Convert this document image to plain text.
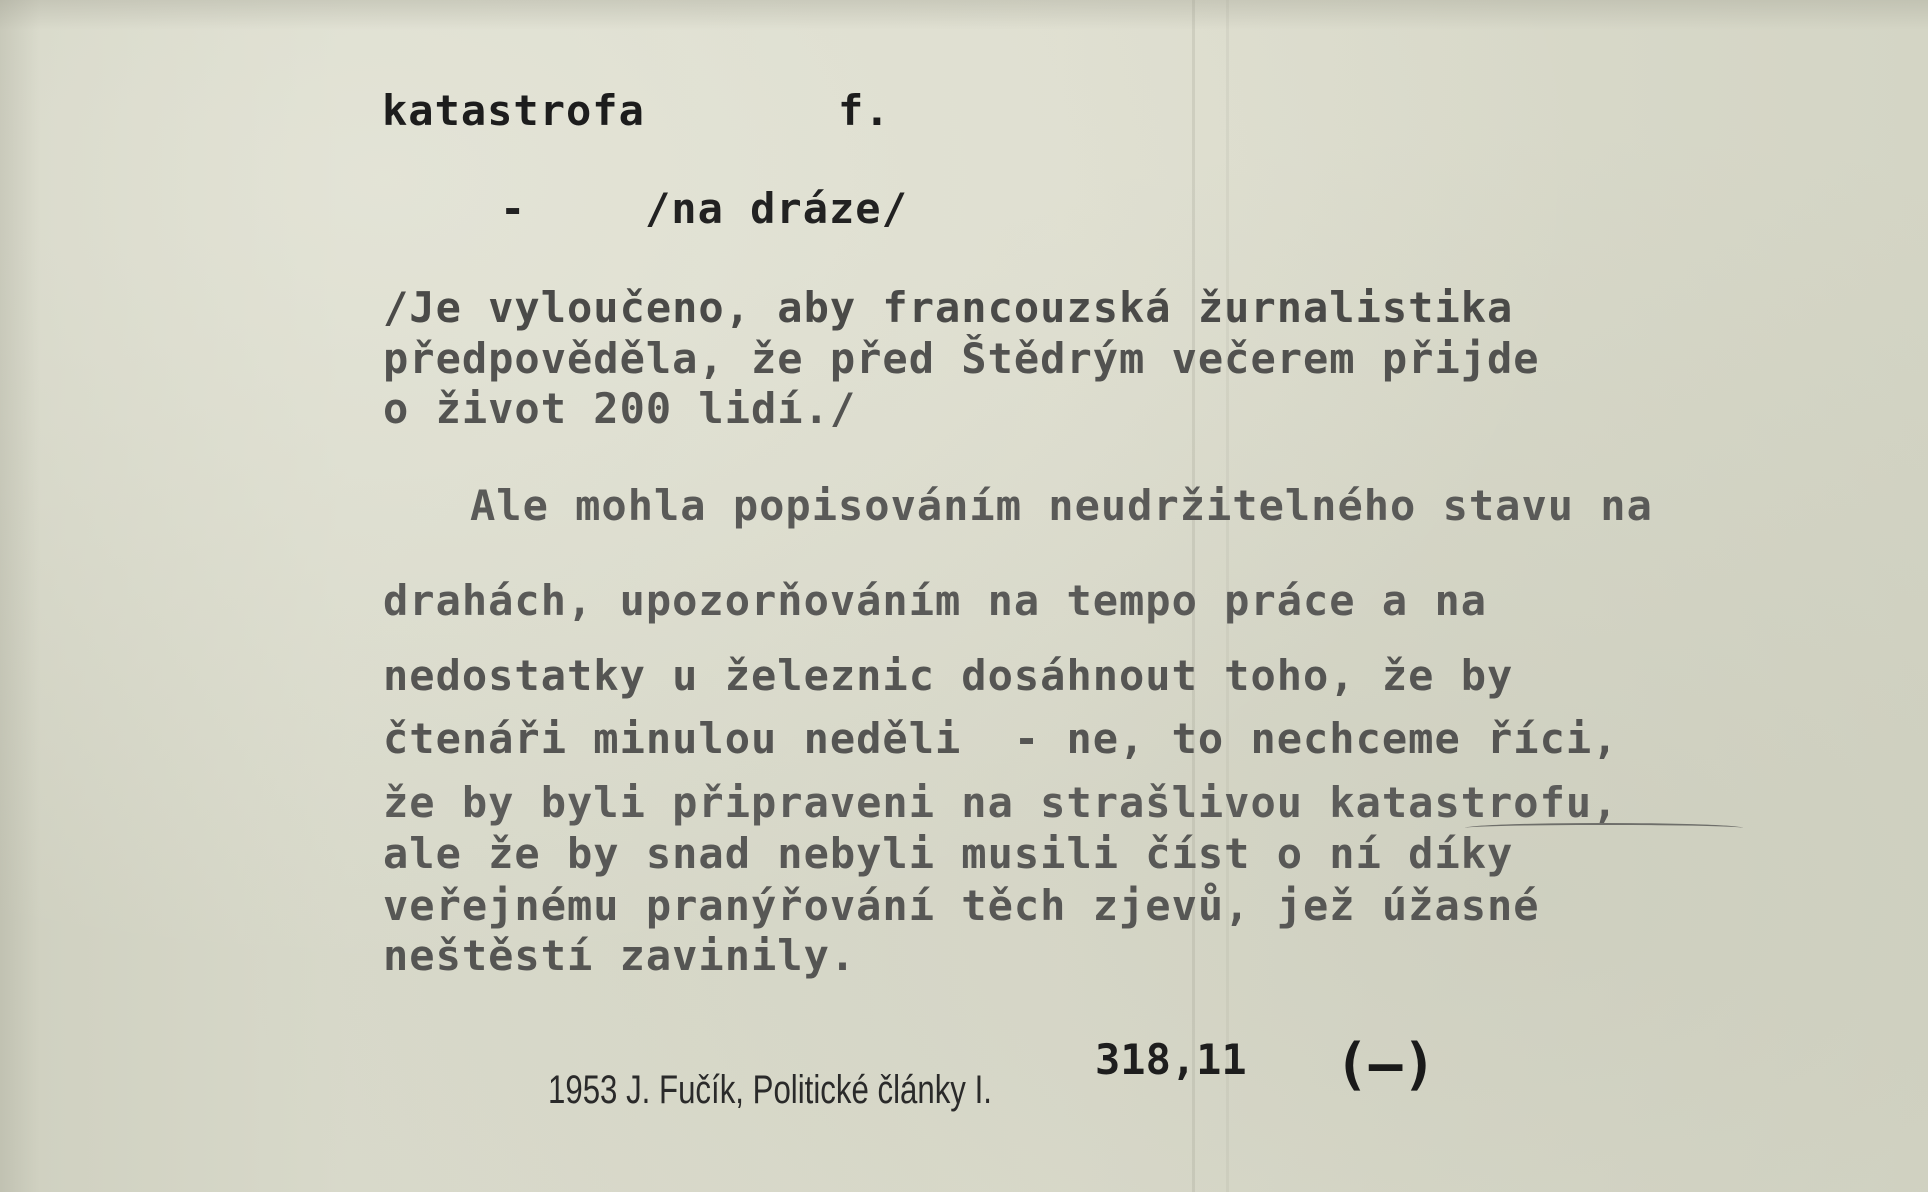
katastrofa	f.
-	/na dráze/
/Je vyloučeno, aby francouzská žurnalistika
předpověděla, že před Štědrým večerem přijde
o život 200 lidí./
Ale mohla popisováním neudržitelného stavu na
drahách, upozorňováním na tempo práce a na
nedostatky u železnic dosáhnout toho, že by
čtenáři minulou neděli  - ne, to nechceme říci,
že by byli připraveni na strašlivou katastrofu,
ale že by snad nebyli musili číst o ní díky
veřejnému pranýřování těch zjevů, jež úžasné
neštěstí zavinily.
1953 J. Fučík, Politické články I.
318,11 (—)
